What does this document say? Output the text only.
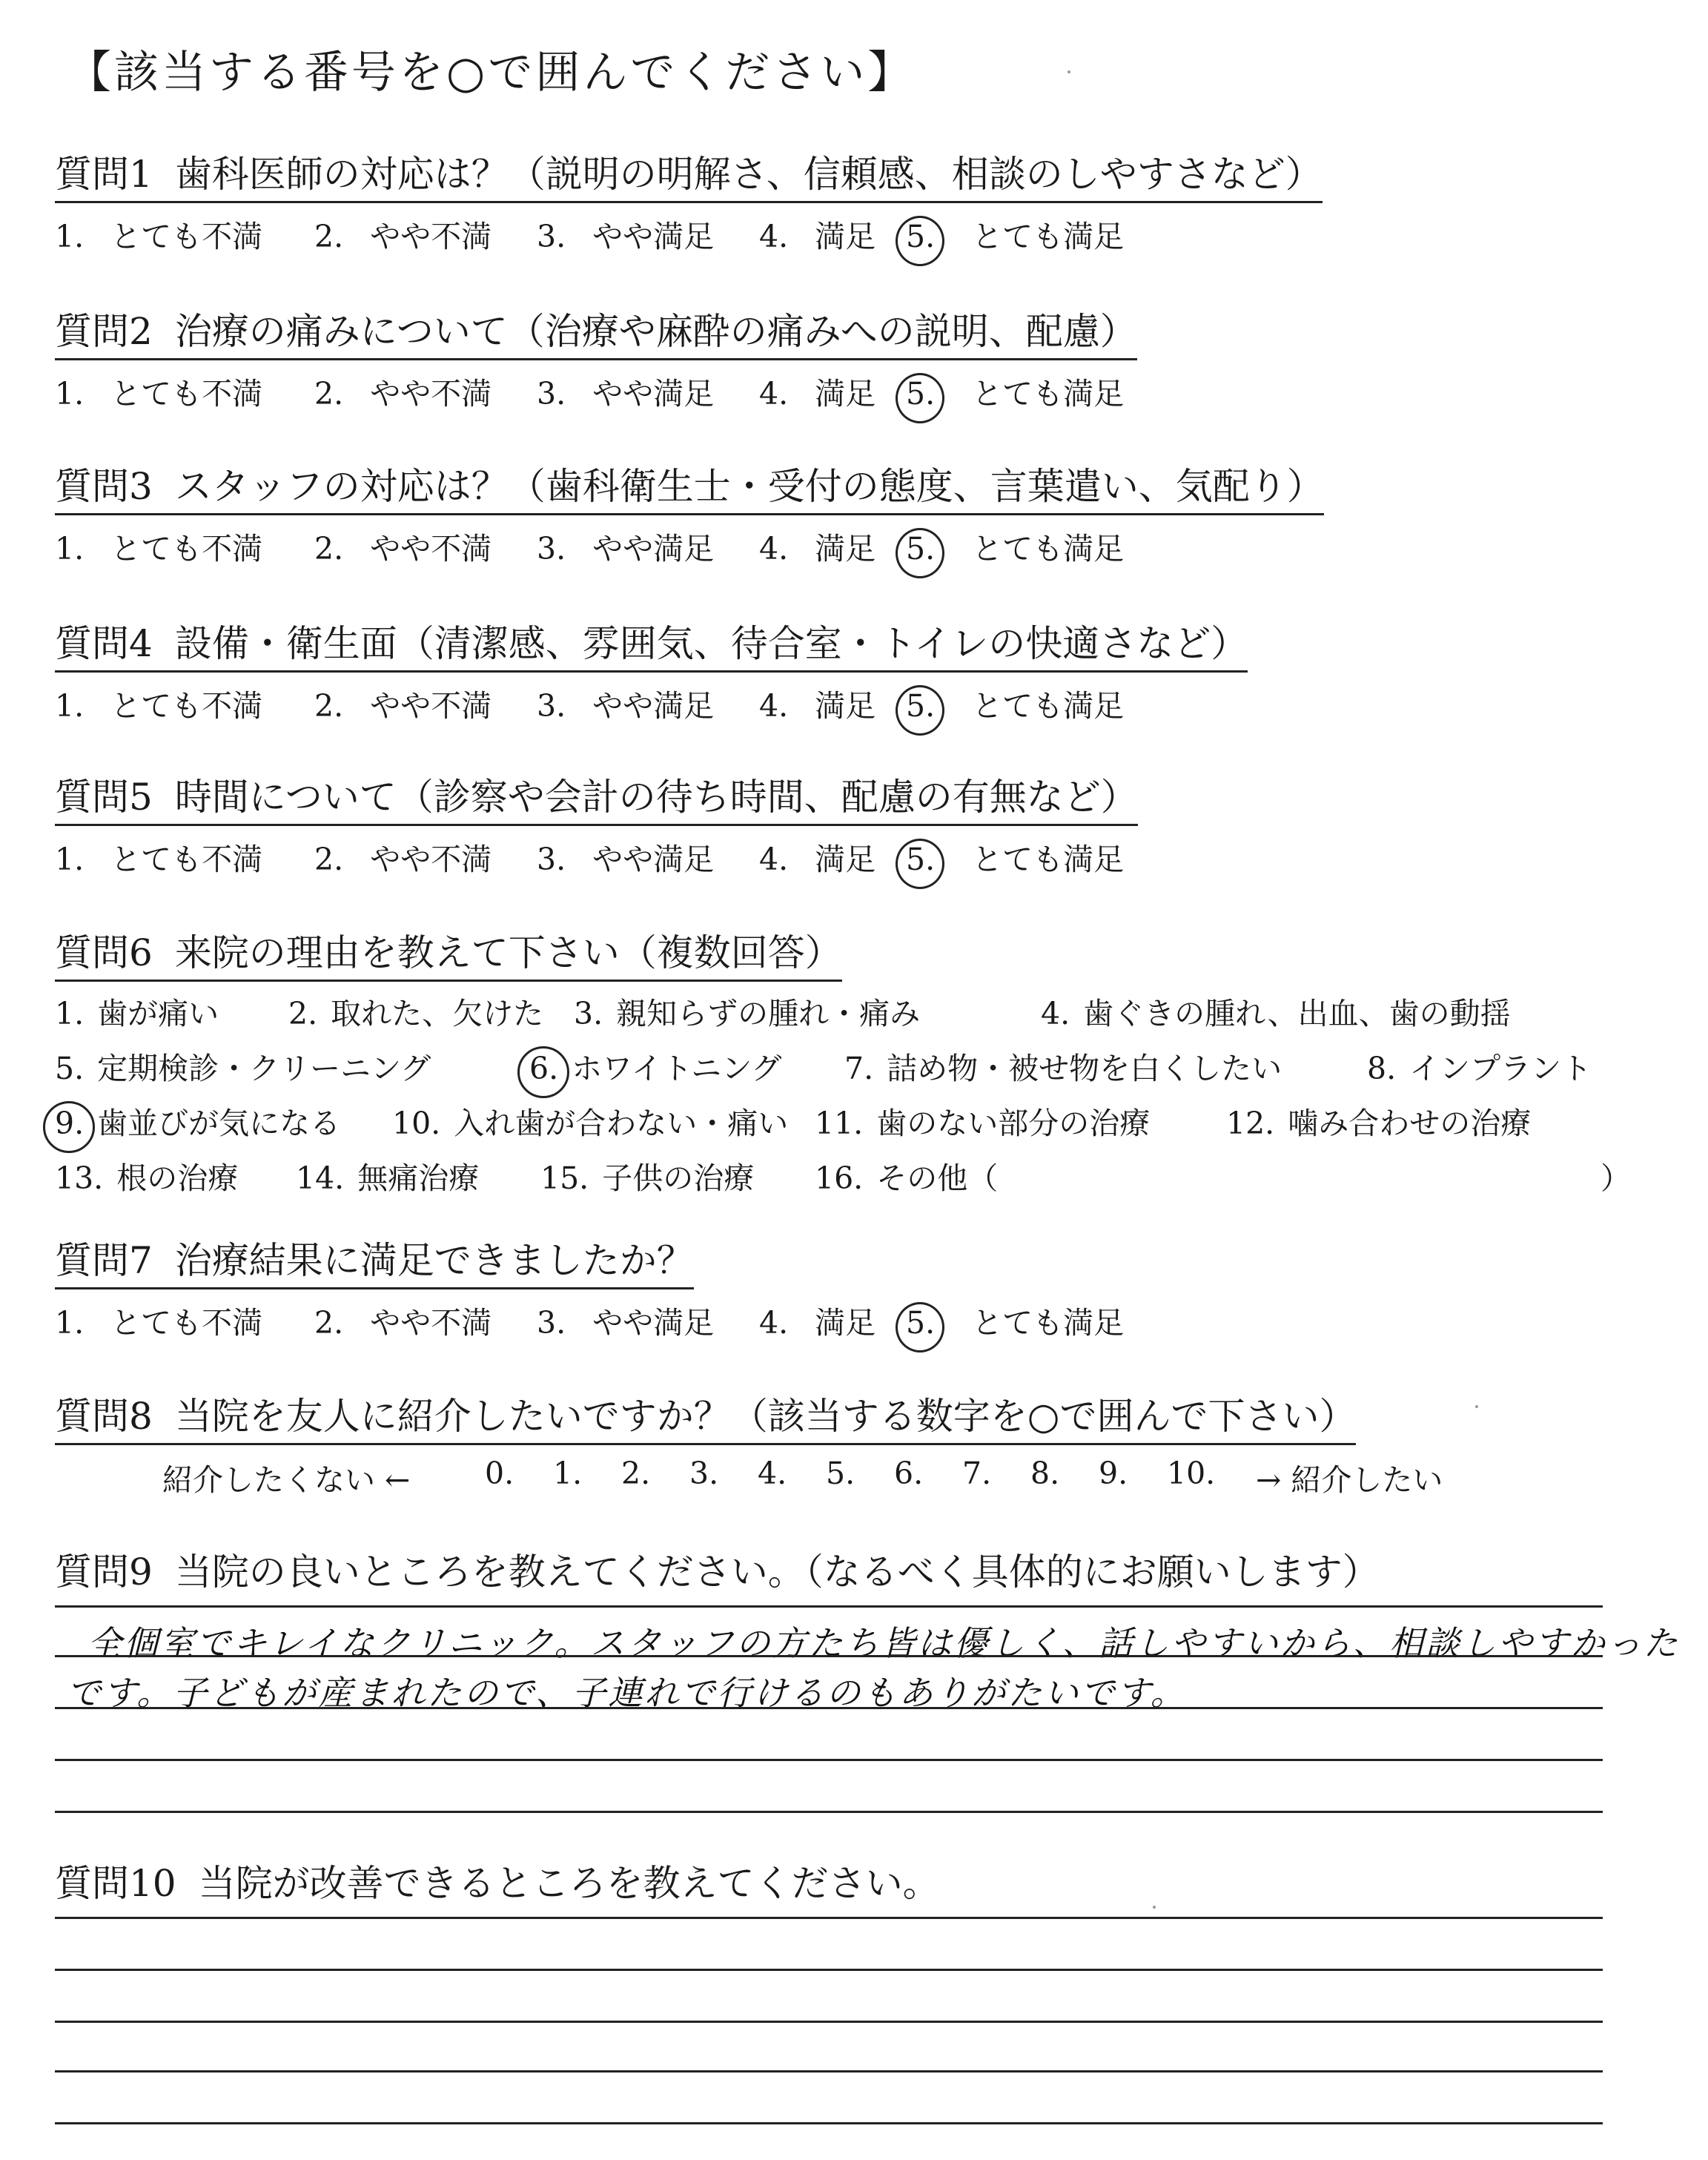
【該当する番号を○で囲んでください】
質問1 歯科医師の対応は？（説明の明解さ、信頼感、相談のしやすさなど）
1. とても不満 2. やや不満 3. やや満足 4. 満足 5. とても満足
質問2 治療の痛みについて（治療や麻酔の痛みへの説明、配慮）
1. とても不満 2. やや不満 3. やや満足 4. 満足 5. とても満足
質問3 スタッフの対応は？（歯科衛生士・受付の態度、言葉遣い、気配り）
1. とても不満 2. やや不満 3. やや満足 4. 満足 5. とても満足
質問4 設備・衛生面（清潔感、雰囲気、待合室・トイレの快適さなど）
1. とても不満 2. やや不満 3. やや満足 4. 満足 5. とても満足
質問5 時間について（診察や会計の待ち時間、配慮の有無など）
1. とても不満 2. やや不満 3. やや満足 4. 満足 5. とても満足
質問6 来院の理由を教えて下さい（複数回答）
1. 歯が痛い 2. 取れた、欠けた 3. 親知らずの腫れ・痛み	4. 歯ぐきの腫れ、出血、歯の動揺
5. 定期検診・クリーニング	6. ホワイトニング 7. 詰め物・被せ物を白くしたい	8. インプラント
9. 歯並びが気になる 10. 入れ歯が合わない・痛い 11. 歯のない部分の治療	12. 噛み合わせの治療
13. 根の治療 14. 無痛治療 15. 子供の治療 16. その他（	）
質問7 治療結果に満足できましたか？
1. とても不満 2. やや不満 3. やや満足 4. 満足 5. とても満足
質問8 当院を友人に紹介したいですか？（該当する数字を○で囲んで下さい）
紹介したくない ← 0. 1. 2. 3. 4. 5. 6. 7. 8. 9. 10. → 紹介したい
質問9 当院の良いところを教えてください。（なるべく具体的にお願いします）
全個室でキレイなクリニック。スタッフの方たち皆は優しく、話しやすいから、相談しやすかった
です。子どもが産まれたので、子連れで行けるのもありがたいです。
質問10 当院が改善できるところを教えてください。
